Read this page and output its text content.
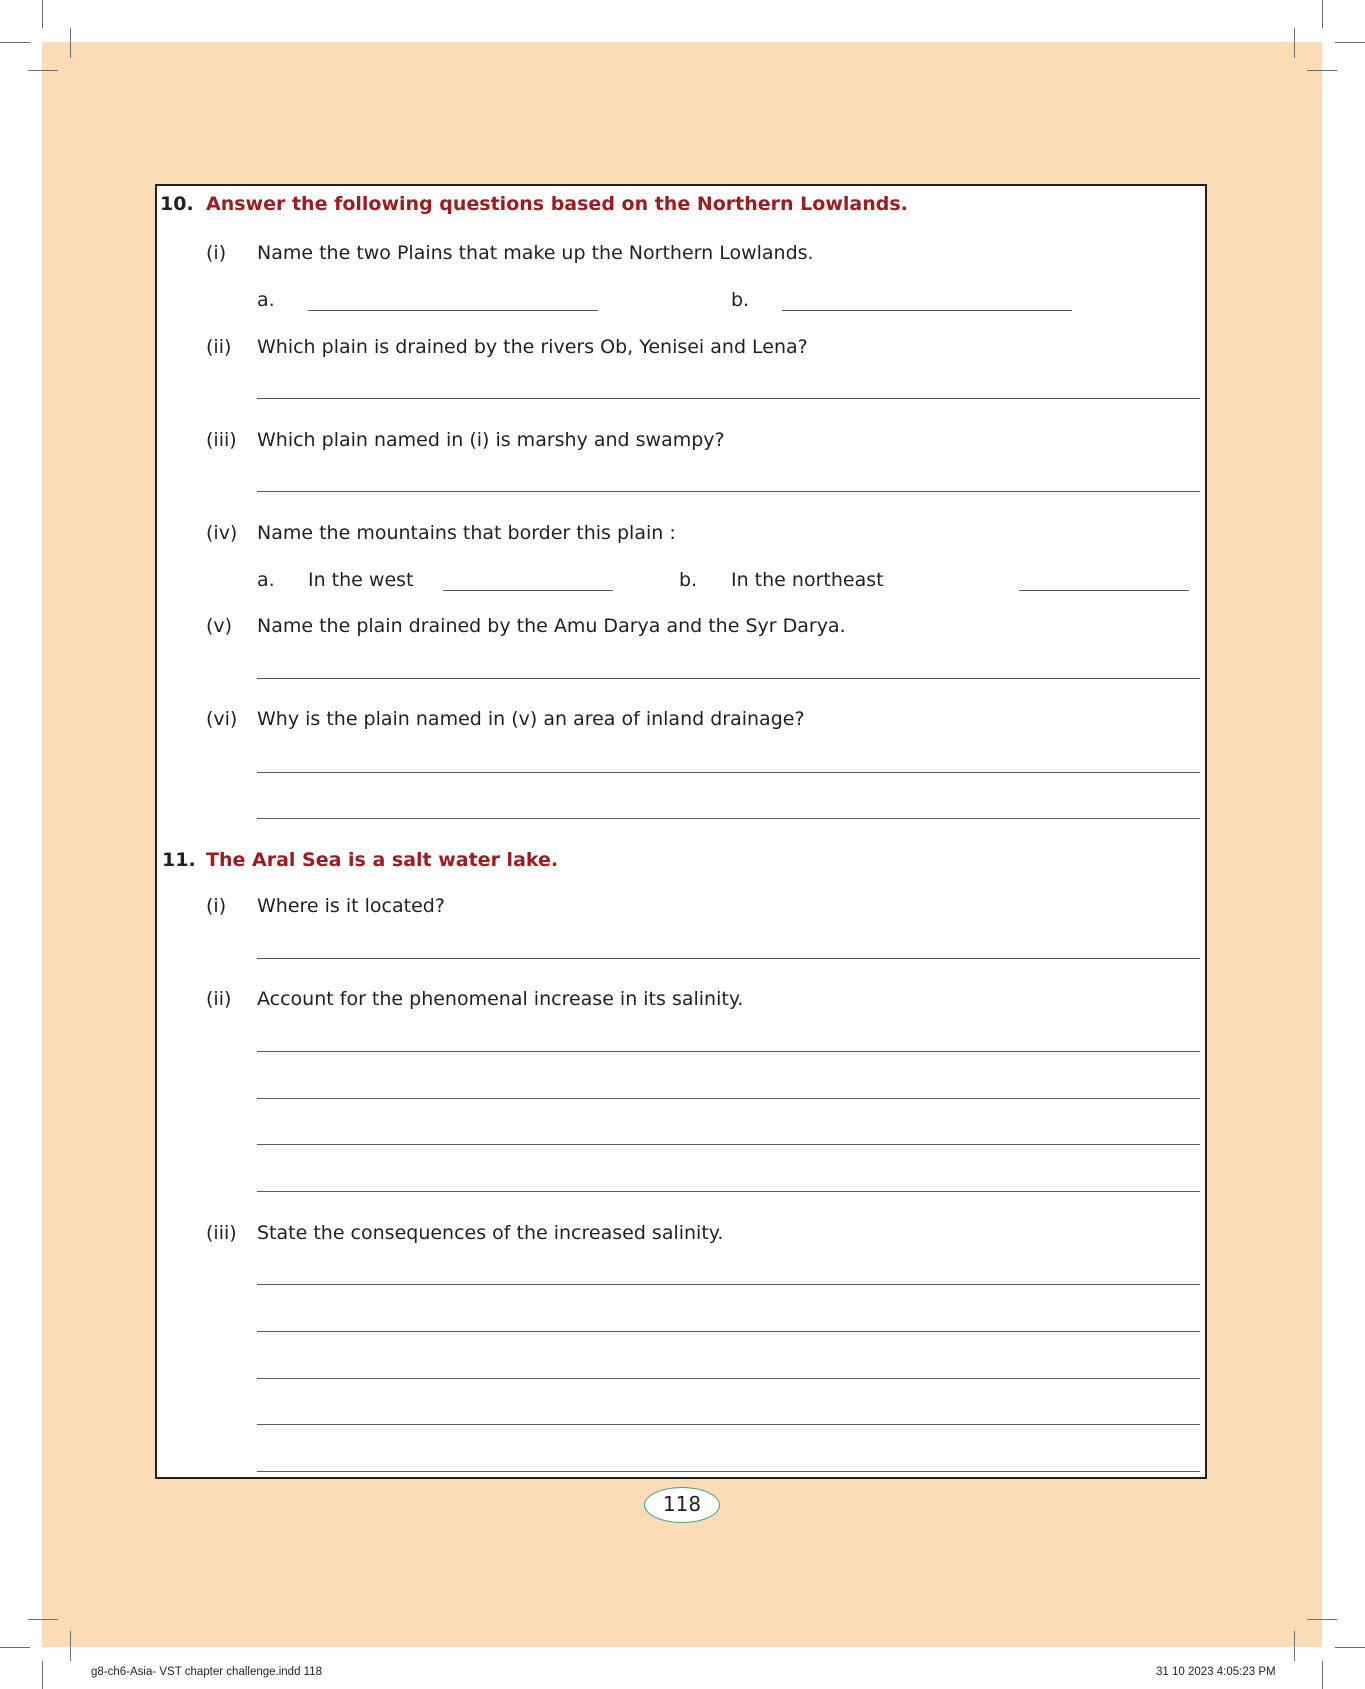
10. Answer the following questions based on the Northern Lowlands.
(i) Name the two Plains that make up the Northern Lowlands.
a.	b.
(ii) Which plain is drained by the rivers Ob, Yenisei and Lena?
(iii) Which plain named in (i) is marshy and swampy?
(iv) Name the mountains that border this plain :
a. In the west	b. In the northeast
(v) Name the plain drained by the Amu Darya and the Syr Darya.
(vi) Why is the plain named in (v) an area of inland drainage?
11. The Aral Sea is a salt water lake.
(i) Where is it located?
(ii) Account for the phenomenal increase in its salinity.
(iii) State the consequences of the increased salinity.
118
g8-ch6-Asia- VST chapter challenge.indd 118	31 10 2023 4:05:23 PM
